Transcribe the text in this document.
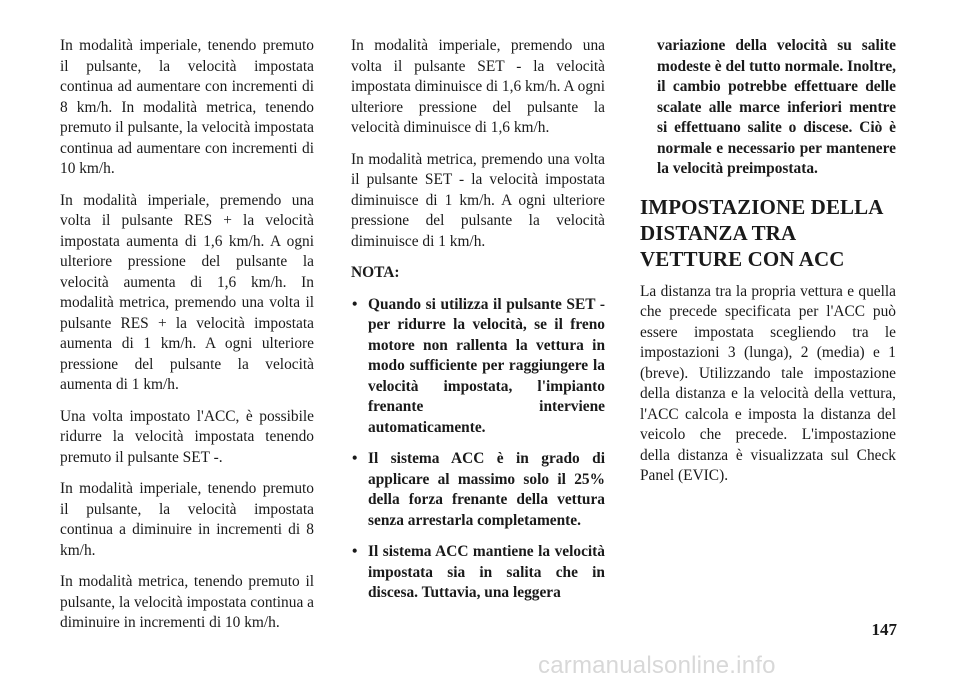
In modalità imperiale, tenendo premuto il pulsante, la velocità impostata continua ad aumentare con incrementi di 8 km/h. In modalità metrica, tenendo premuto il pulsante, la velocità impostata continua ad aumentare con incrementi di 10 km/h.

In modalità imperiale, premendo una volta il pulsante RES + la velocità impostata aumenta di 1,6 km/h. A ogni ulteriore pressione del pulsante la velocità aumenta di 1,6 km/h. In modalità metrica, premendo una volta il pulsante RES + la velocità impostata aumenta di 1 km/h. A ogni ulteriore pressione del pulsante la velocità aumenta di 1 km/h.

Una volta impostato l'ACC, è possibile ridurre la velocità impostata tenendo premuto il pulsante SET -.

In modalità imperiale, tenendo premuto il pulsante, la velocità impostata continua a diminuire in incrementi di 8 km/h.

In modalità metrica, tenendo premuto il pulsante, la velocità impostata continua a diminuire in incrementi di 10 km/h.

In modalità imperiale, premendo una volta il pulsante SET - la velocità impostata diminuisce di 1,6 km/h. A ogni ulteriore pressione del pulsante la velocità diminuisce di 1,6 km/h.

In modalità metrica, premendo una volta il pulsante SET - la velocità impostata diminuisce di 1 km/h. A ogni ulteriore pressione del pulsante la velocità diminuisce di 1 km/h.

NOTA:
• Quando si utilizza il pulsante SET - per ridurre la velocità, se il freno motore non rallenta la vettura in modo sufficiente per raggiungere la velocità impostata, l'impianto frenante interviene automaticamente.
• Il sistema ACC è in grado di applicare al massimo solo il 25% della forza frenante della vettura senza arrestarla completamente.
• Il sistema ACC mantiene la velocità impostata sia in salita che in discesa. Tuttavia, una leggera
variazione della velocità su salite modeste è del tutto normale. Inoltre, il cambio potrebbe effettuare delle scalate alle marce inferiori mentre si effettuano salite o discese. Ciò è normale e necessario per mantenere la velocità preimpostata.
IMPOSTAZIONE DELLA DISTANZA TRA VETTURE CON ACC

La distanza tra la propria vettura e quella che precede specificata per l'ACC può essere impostata scegliendo tra le impostazioni 3 (lunga), 2 (media) e 1 (breve). Utilizzando tale impostazione della distanza e la velocità della vettura, l'ACC calcola e imposta la distanza del veicolo che precede. L'impostazione della distanza è visualizzata sul Check Panel (EVIC).

147
carmanualsonline.info
